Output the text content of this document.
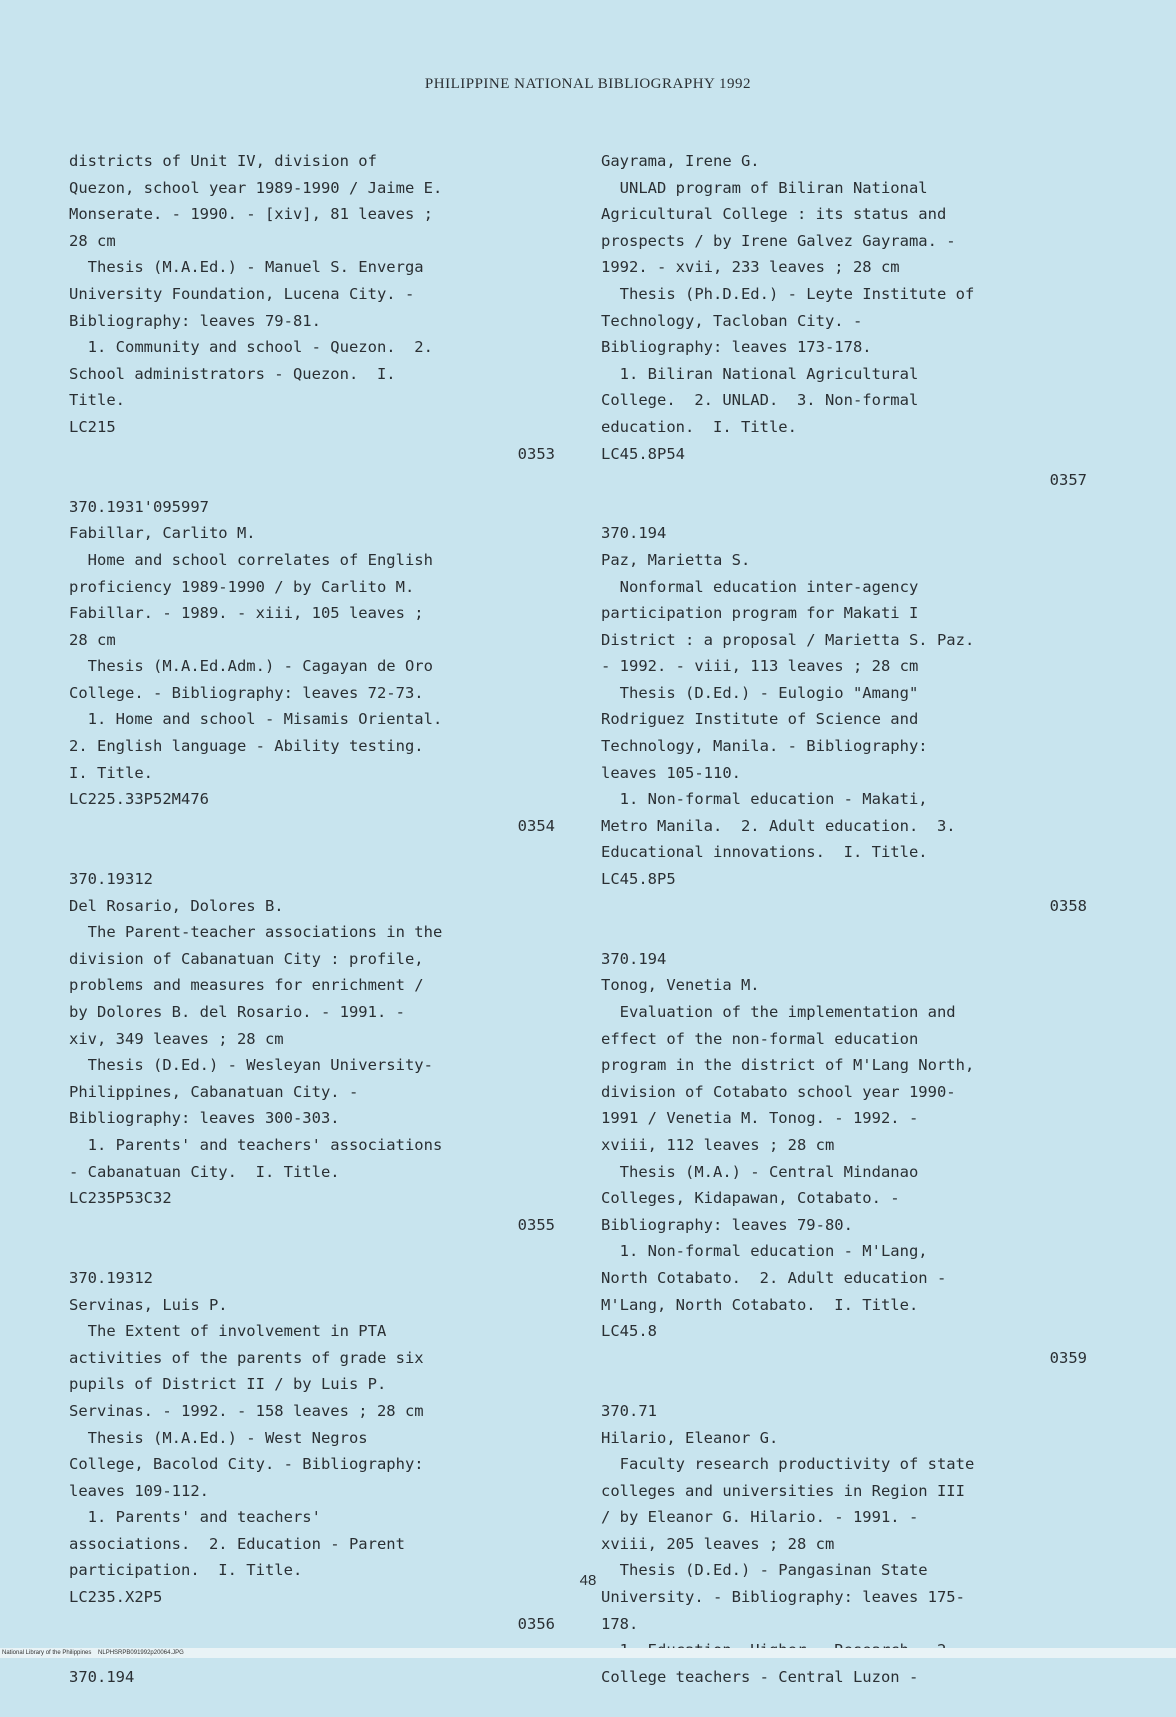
PHILIPPINE NATIONAL BIBLIOGRAPHY 1992
districts of Unit IV, division of
Quezon, school year 1989-1990 / Jaime E.
Monserate. - 1990. - [xiv], 81 leaves ;
28 cm
Thesis (M.A.Ed.) - Manuel S. Enverga
University Foundation, Lucena City. -
Bibliography: leaves 79-81.
1. Community and school - Quezon.  2.
School administrators - Quezon.  I.
Title.
LC215
0353
370.1931'095997
Fabillar, Carlito M.
Home and school correlates of English
proficiency 1989-1990 / by Carlito M.
Fabillar. - 1989. - xiii, 105 leaves ;
28 cm
Thesis (M.A.Ed.Adm.) - Cagayan de Oro
College. - Bibliography: leaves 72-73.
1. Home and school - Misamis Oriental.
2. English language - Ability testing.
I. Title.
LC225.33P52M476
0354
370.19312
Del Rosario, Dolores B.
The Parent-teacher associations in the
division of Cabanatuan City : profile,
problems and measures for enrichment /
by Dolores B. del Rosario. - 1991. -
xiv, 349 leaves ; 28 cm
Thesis (D.Ed.) - Wesleyan University-
Philippines, Cabanatuan City. -
Bibliography: leaves 300-303.
1. Parents' and teachers' associations
- Cabanatuan City.  I. Title.
LC235P53C32
0355
370.19312
Servinas, Luis P.
The Extent of involvement in PTA
activities of the parents of grade six
pupils of District II / by Luis P.
Servinas. - 1992. - 158 leaves ; 28 cm
Thesis (M.A.Ed.) - West Negros
College, Bacolod City. - Bibliography:
leaves 109-112.
1. Parents' and teachers'
associations.  2. Education - Parent
participation.  I. Title.
LC235.X2P5
0356
370.194
Gayrama, Irene G.
UNLAD program of Biliran National
Agricultural College : its status and
prospects / by Irene Galvez Gayrama. -
1992. - xvii, 233 leaves ; 28 cm
Thesis (Ph.D.Ed.) - Leyte Institute of
Technology, Tacloban City. -
Bibliography: leaves 173-178.
1. Biliran National Agricultural
College.  2. UNLAD.  3. Non-formal
education.  I. Title.
LC45.8P54
0357
370.194
Paz, Marietta S.
Nonformal education inter-agency
participation program for Makati I
District : a proposal / Marietta S. Paz.
- 1992. - viii, 113 leaves ; 28 cm
Thesis (D.Ed.) - Eulogio "Amang"
Rodriguez Institute of Science and
Technology, Manila. - Bibliography:
leaves 105-110.
1. Non-formal education - Makati,
Metro Manila.  2. Adult education.  3.
Educational innovations.  I. Title.
LC45.8P5
0358
370.194
Tonog, Venetia M.
Evaluation of the implementation and
effect of the non-formal education
program in the district of M'Lang North,
division of Cotabato school year 1990-
1991 / Venetia M. Tonog. - 1992. -
xviii, 112 leaves ; 28 cm
Thesis (M.A.) - Central Mindanao
Colleges, Kidapawan, Cotabato. -
Bibliography: leaves 79-80.
1. Non-formal education - M'Lang,
North Cotabato.  2. Adult education -
M'Lang, North Cotabato.  I. Title.
LC45.8
0359
370.71
Hilario, Eleanor G.
Faculty research productivity of state
colleges and universities in Region III
/ by Eleanor G. Hilario. - 1991. -
xviii, 205 leaves ; 28 cm
Thesis (D.Ed.) - Pangasinan State
University. - Bibliography: leaves 175-
178.
College teachers - Central Luzon -
48
National Library of the Philippines    NLPHSRPB091992p20064.JPG
